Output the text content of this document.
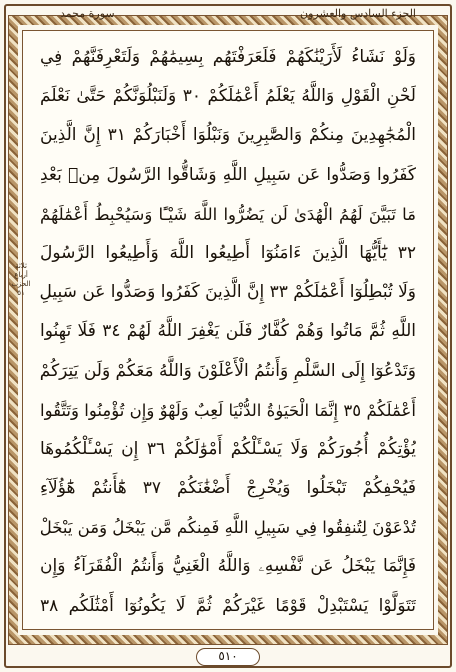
الجزء السادس والعشرون
سورة محمد
ثلاثة أرباع
الحزب
٥١
وَلَوْ نَشَاءُ لَأَرَيْنَٰكَهُمْ فَلَعَرَفْتَهُم بِسِيمَٰهُمْ وَلَتَعْرِفَنَّهُمْ فِي
لَحْنِ الْقَوْلِ وَاللَّهُ يَعْلَمُ أَعْمَٰلَكُمْ ٣٠ وَلَنَبْلُوَنَّكُمْ حَتَّىٰ نَعْلَمَ
الْمُجَٰهِدِينَ مِنكُمْ وَالصَّٰبِرِينَ وَنَبْلُوَا أَخْبَارَكُمْ ٣١ إِنَّ الَّذِينَ
كَفَرُوا وَصَدُّوا عَن سَبِيلِ اللَّهِ وَشَاقُّوا الرَّسُولَ مِنۢ بَعْدِ
مَا تَبَيَّنَ لَهُمُ الْهُدَىٰ لَن يَضُرُّوا اللَّهَ شَيْـًٔا وَسَيُحْبِطُ أَعْمَٰلَهُمْ
٣٢ يَٰٓأَيُّهَا الَّذِينَ ءَامَنُوٓا أَطِيعُوا اللَّهَ وَأَطِيعُوا الرَّسُولَ
وَلَا تُبْطِلُوٓا أَعْمَٰلَكُمْ ٣٣ إِنَّ الَّذِينَ كَفَرُوا وَصَدُّوا عَن سَبِيلِ
اللَّهِ ثُمَّ مَاتُوا وَهُمْ كُفَّارٌ فَلَن يَغْفِرَ اللَّهُ لَهُمْ ٣٤ فَلَا تَهِنُوا
وَتَدْعُوٓا إِلَى السَّلْمِ وَأَنتُمُ الْأَعْلَوْنَ وَاللَّهُ مَعَكُمْ وَلَن يَتِرَكُمْ
أَعْمَٰلَكُمْ ٣٥ إِنَّمَا الْحَيَوٰةُ الدُّنْيَا لَعِبٌ وَلَهْوٌ وَإِن تُؤْمِنُوا وَتَتَّقُوا
يُؤْتِكُمْ أُجُورَكُمْ وَلَا يَسْـَٔلْكُمْ أَمْوَٰلَكُمْ ٣٦ إِن يَسْـَٔلْكُمُوهَا
فَيُحْفِكُمْ تَبْخَلُوا وَيُخْرِجْ أَضْغَٰنَكُمْ ٣٧ هَٰٓأَنتُمْ هَٰٓؤُلَآءِ
تُدْعَوْنَ لِتُنفِقُوا فِي سَبِيلِ اللَّهِ فَمِنكُم مَّن يَبْخَلُ وَمَن يَبْخَلْ
فَإِنَّمَا يَبْخَلُ عَن نَّفْسِهِۦ وَاللَّهُ الْغَنِيُّ وَأَنتُمُ الْفُقَرَآءُ وَإِن
تَتَوَلَّوْا يَسْتَبْدِلْ قَوْمًا غَيْرَكُمْ ثُمَّ لَا يَكُونُوٓا أَمْثَٰلَكُم ٣٨
٥١٠
